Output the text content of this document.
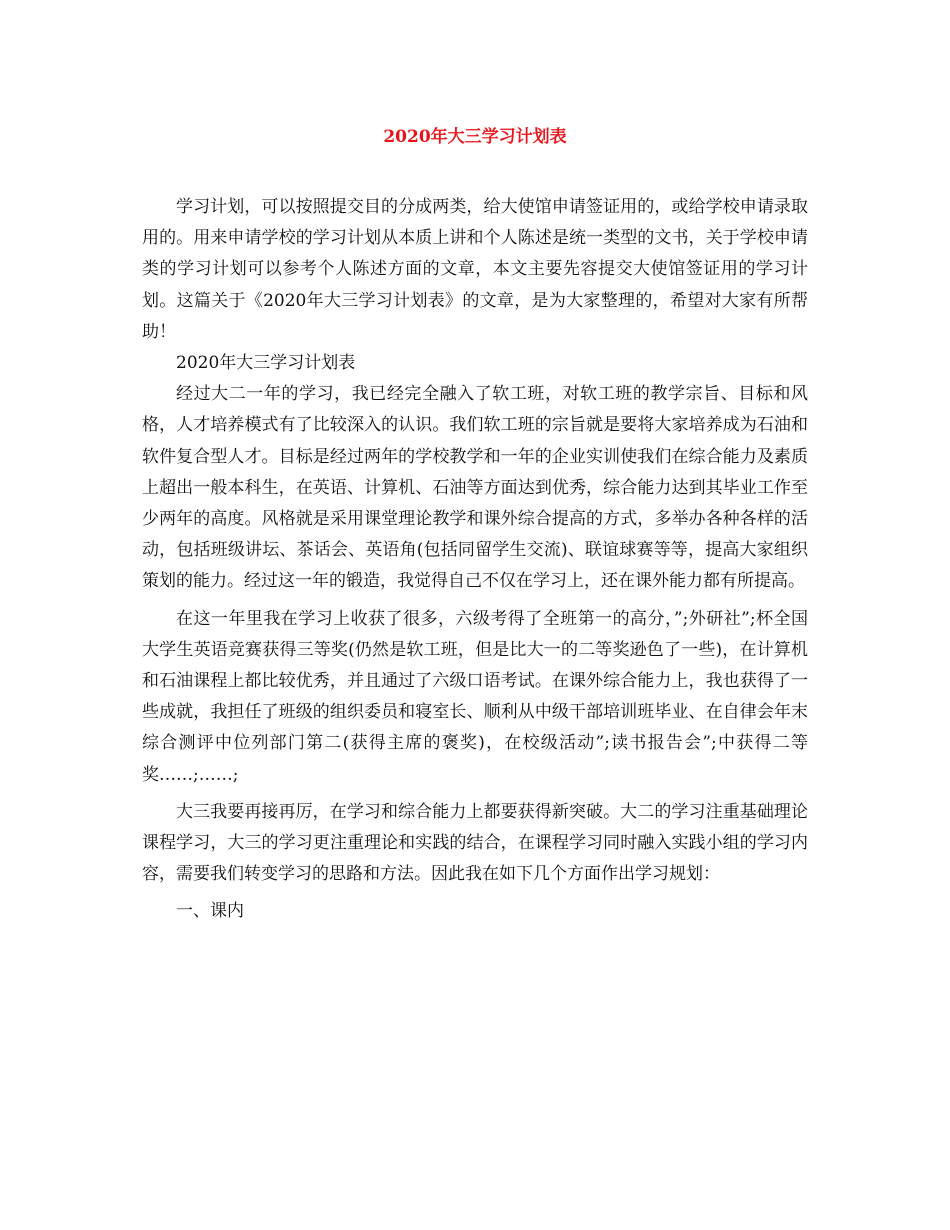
2020年大三学习计划表

学习计划，可以按照提交目的分成两类，给大使馆申请签证用的，或给学校申请录取用的。用来申请学校的学习计划从本质上讲和个人陈述是统一类型的文书，关于学校申请类的学习计划可以参考个人陈述方面的文章，本文主要先容提交大使馆签证用的学习计划。这篇关于《2020年大三学习计划表》的文章，是为大家整理的，希望对大家有所帮助！

2020年大三学习计划表

经过大二一年的学习，我已经完全融入了软工班，对软工班的教学宗旨、目标和风格，人才培养模式有了比较深入的认识。我们软工班的宗旨就是要将大家培养成为石油和软件复合型人才。目标是经过两年的学校教学和一年的企业实训使我们在综合能力及素质上超出一般本科生，在英语、计算机、石油等方面达到优秀，综合能力达到其毕业工作至少两年的高度。风格就是采用课堂理论教学和课外综合提高的方式，多举办各种各样的活动，包括班级讲坛、茶话会、英语角(包括同留学生交流)、联谊球赛等等，提高大家组织策划的能力。经过这一年的锻造，我觉得自己不仅在学习上，还在课外能力都有所提高。

在这一年里我在学习上收获了很多，六级考得了全班第一的高分，”;外研社”;杯全国大学生英语竞赛获得三等奖(仍然是软工班，但是比大一的二等奖逊色了一些)，在计算机和石油课程上都比较优秀，并且通过了六级口语考试。在课外综合能力上，我也获得了一些成就，我担任了班级的组织委员和寝室长、顺利从中级干部培训班毕业、在自律会年末综合测评中位列部门第二(获得主席的褒奖)，在校级活动”;读书报告会”;中获得二等奖……;……;

大三我要再接再厉，在学习和综合能力上都要获得新突破。大二的学习注重基础理论课程学习，大三的学习更注重理论和实践的结合，在课程学习同时融入实践小组的学习内容，需要我们转变学习的思路和方法。因此我在如下几个方面作出学习规划：

一、课内
